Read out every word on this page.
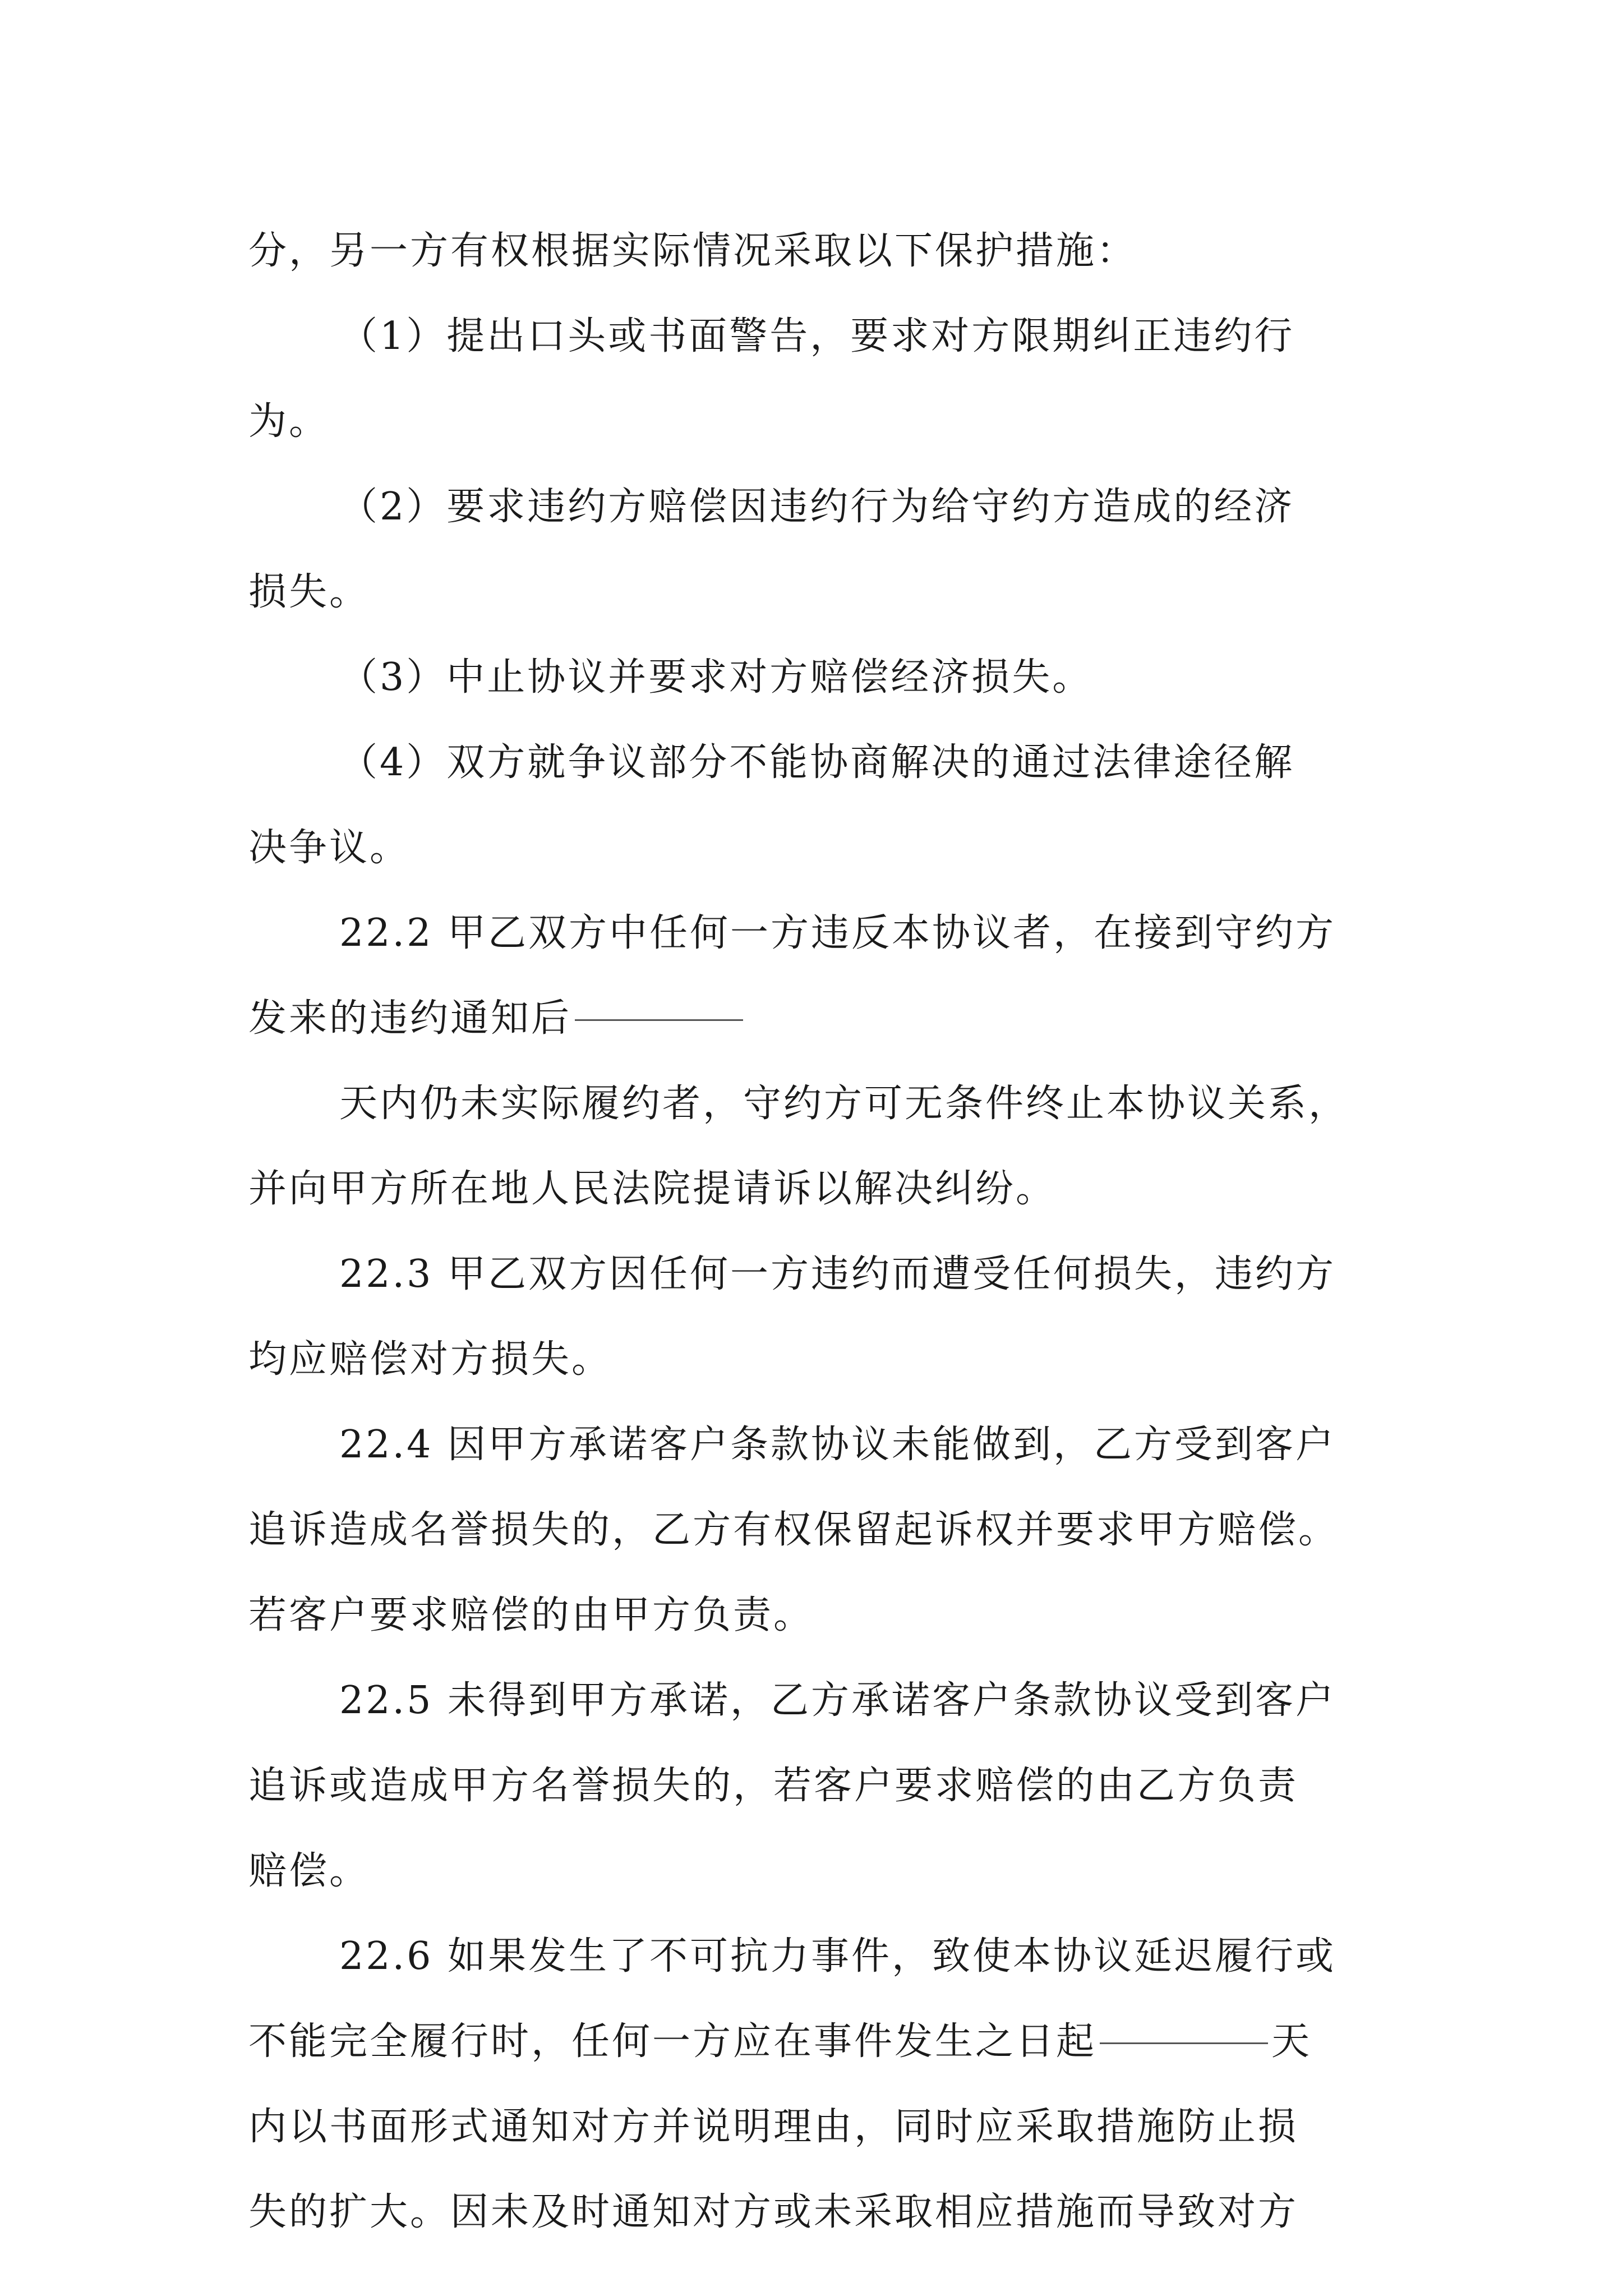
分，另一方有权根据实际情况采取以下保护措施：
（1）提出口头或书面警告，要求对方限期纠正违约行
为。
（2）要求违约方赔偿因违约行为给守约方造成的经济
损失。
（3）中止协议并要求对方赔偿经济损失。
（4）双方就争议部分不能协商解决的通过法律途径解
决争议。
22.2 甲乙双方中任何一方违反本协议者，在接到守约方
发来的违约通知后
天内仍未实际履约者，守约方可无条件终止本协议关系，
并向甲方所在地人民法院提请诉以解决纠纷。
22.3 甲乙双方因任何一方违约而遭受任何损失，违约方
均应赔偿对方损失。
22.4 因甲方承诺客户条款协议未能做到，乙方受到客户
追诉造成名誉损失的，乙方有权保留起诉权并要求甲方赔偿。
若客户要求赔偿的由甲方负责。
22.5 未得到甲方承诺，乙方承诺客户条款协议受到客户
追诉或造成甲方名誉损失的，若客户要求赔偿的由乙方负责
赔偿。
22.6 如果发生了不可抗力事件，致使本协议延迟履行或
不能完全履行时，任何一方应在事件发生之日起	天
内以书面形式通知对方并说明理由，同时应采取措施防止损
失的扩大。因未及时通知对方或未采取相应措施而导致对方
